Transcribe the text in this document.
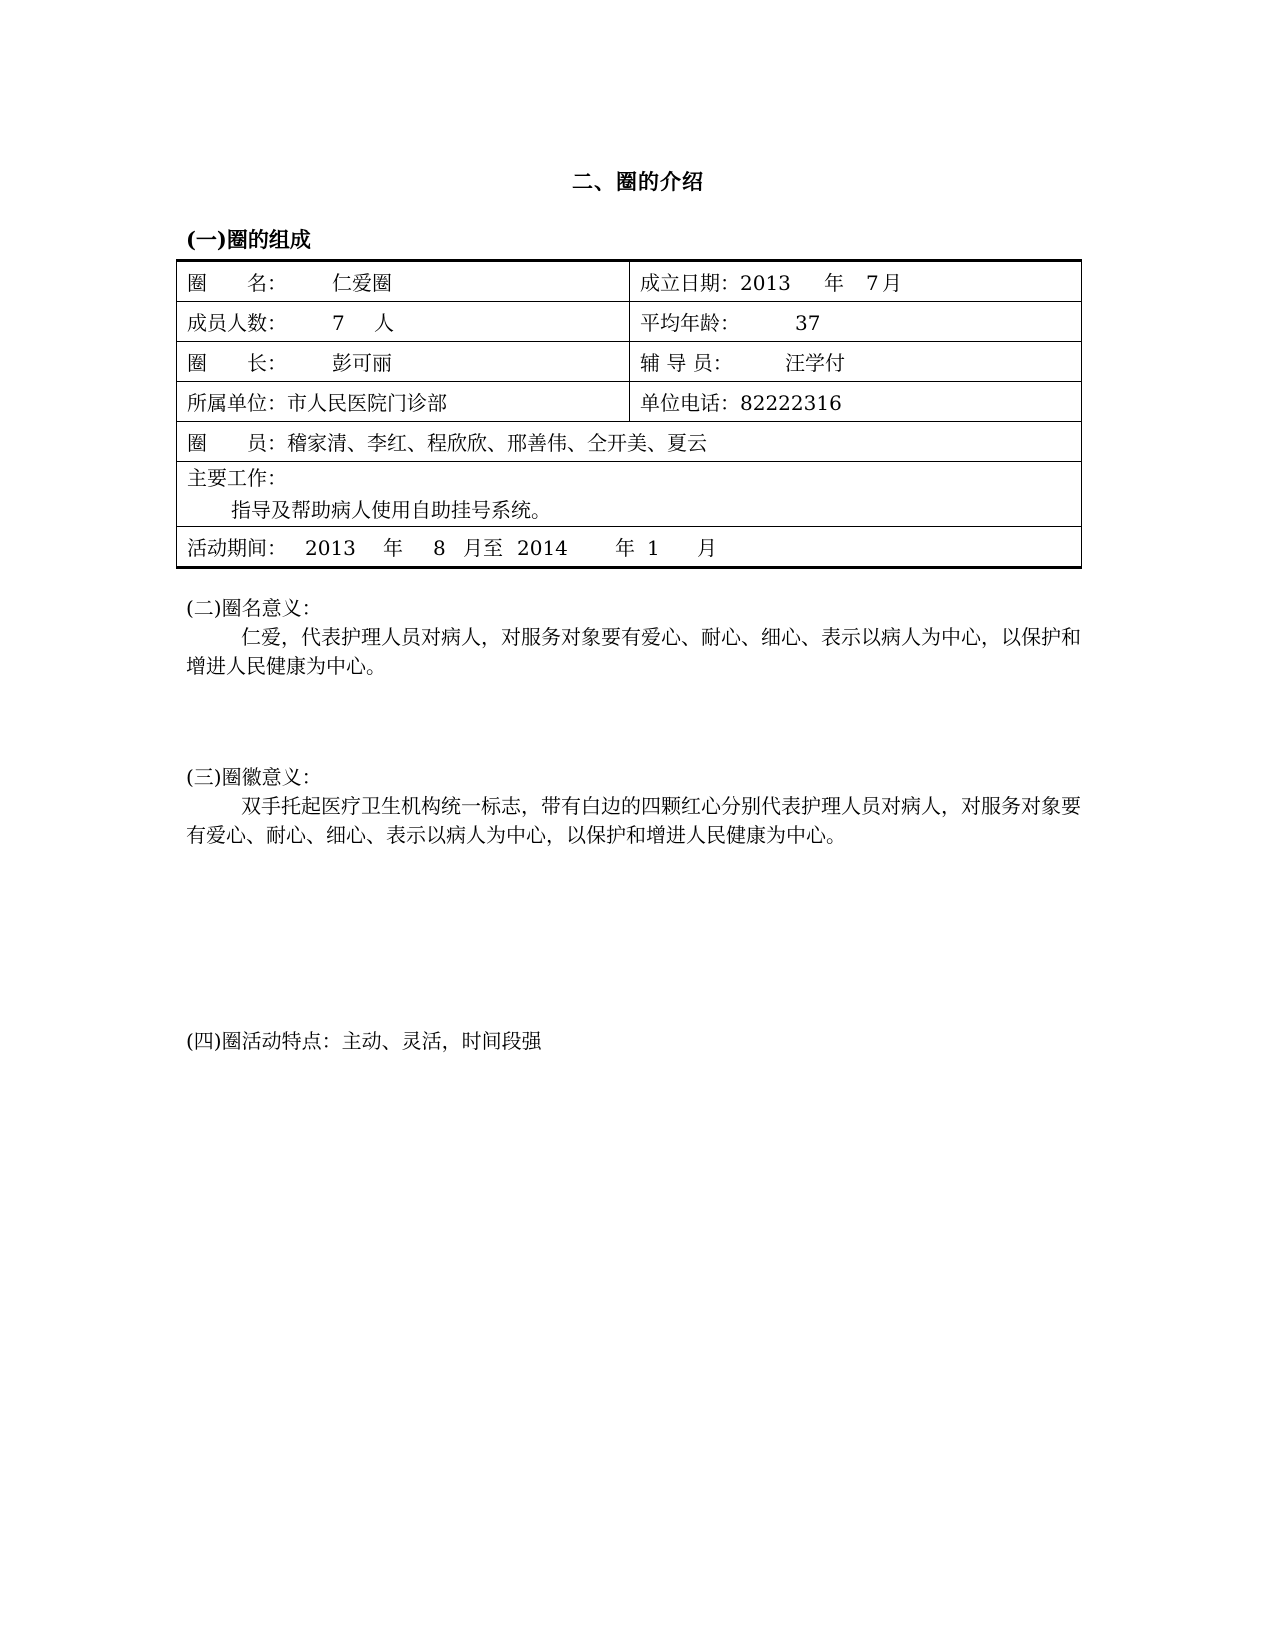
二、圈的介绍
(一)圈的组成
圈　　名： 仁爱圈	成立日期：2013 年 7 月
成员人数： 7 人	平均年龄： 37
圈　　长： 彭可丽	辅 导 员： 汪学付
所属单位：市人民医院门诊部	单位电话：82222316
圈　　员：稽家清、李红、程欣欣、邢善伟、仝开美、夏云	

主要工作：
指导及帮助病人使用自助挂号系统。	

活动期间： 2013 年 8 月至 2014 年 1 月	
(二)圈名意义：
仁爱，代表护理人员对病人，对服务对象要有爱心、耐心、细心、表示以病人为中心，以保护和增进人民健康为中心。
(三)圈徽意义：
双手托起医疗卫生机构统一标志，带有白边的四颗红心分别代表护理人员对病人，对服务对象要有爱心、耐心、细心、表示以病人为中心，以保护和增进人民健康为中心。
(四)圈活动特点：主动、灵活，时间段强
